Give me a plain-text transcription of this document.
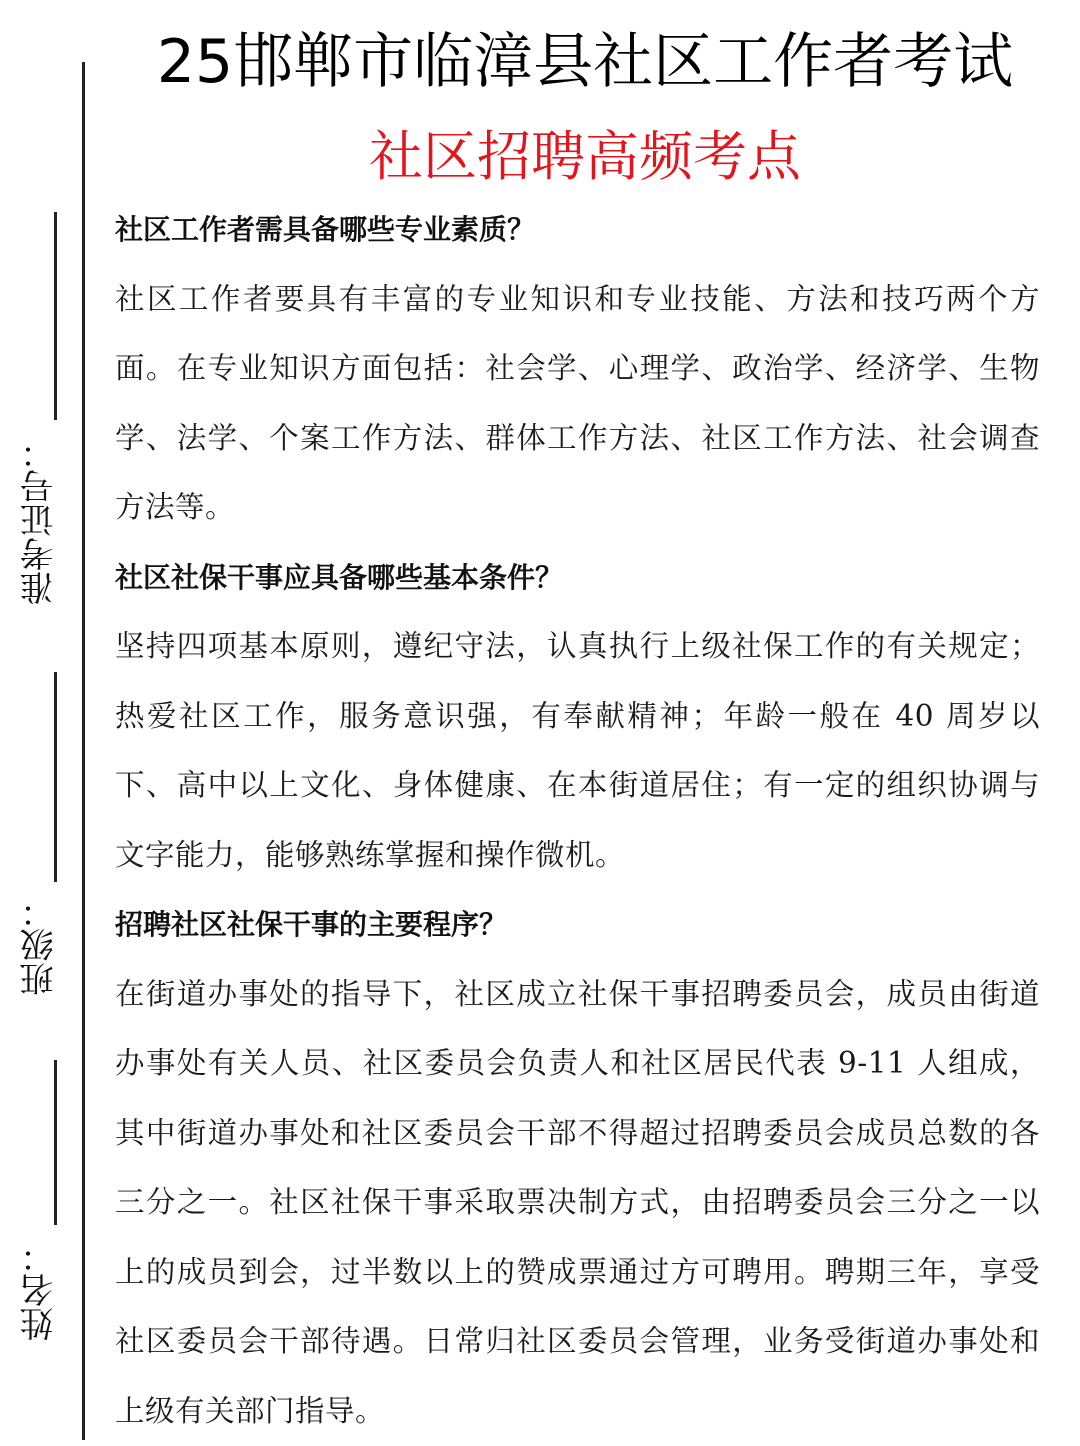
准考证号：
班级：
姓名：
25邯郸市临漳县社区工作者考试
社区招聘高频考点

社区工作者需具备哪些专业素质？

社区工作者要具有丰富的专业知识和专业技能、方法和技巧两个方面。在专业知识方面包括：社会学、心理学、政治学、经济学、生物学、法学、个案工作方法、群体工作方法、社区工作方法、社会调查方法等。

社区社保干事应具备哪些基本条件？

坚持四项基本原则，遵纪守法，认真执行上级社保工作的有关规定；热爱社区工作，服务意识强，有奉献精神；年龄一般在 40 周岁以下、高中以上文化、身体健康、在本街道居住；有一定的组织协调与文字能力，能够熟练掌握和操作微机。

招聘社区社保干事的主要程序？

在街道办事处的指导下，社区成立社保干事招聘委员会，成员由街道办事处有关人员、社区委员会负责人和社区居民代表 9-11 人组成，其中街道办事处和社区委员会干部不得超过招聘委员会成员总数的各三分之一。社区社保干事采取票决制方式，由招聘委员会三分之一以上的成员到会，过半数以上的赞成票通过方可聘用。聘期三年，享受社区委员会干部待遇。日常归社区委员会管理，业务受街道办事处和上级有关部门指导。
